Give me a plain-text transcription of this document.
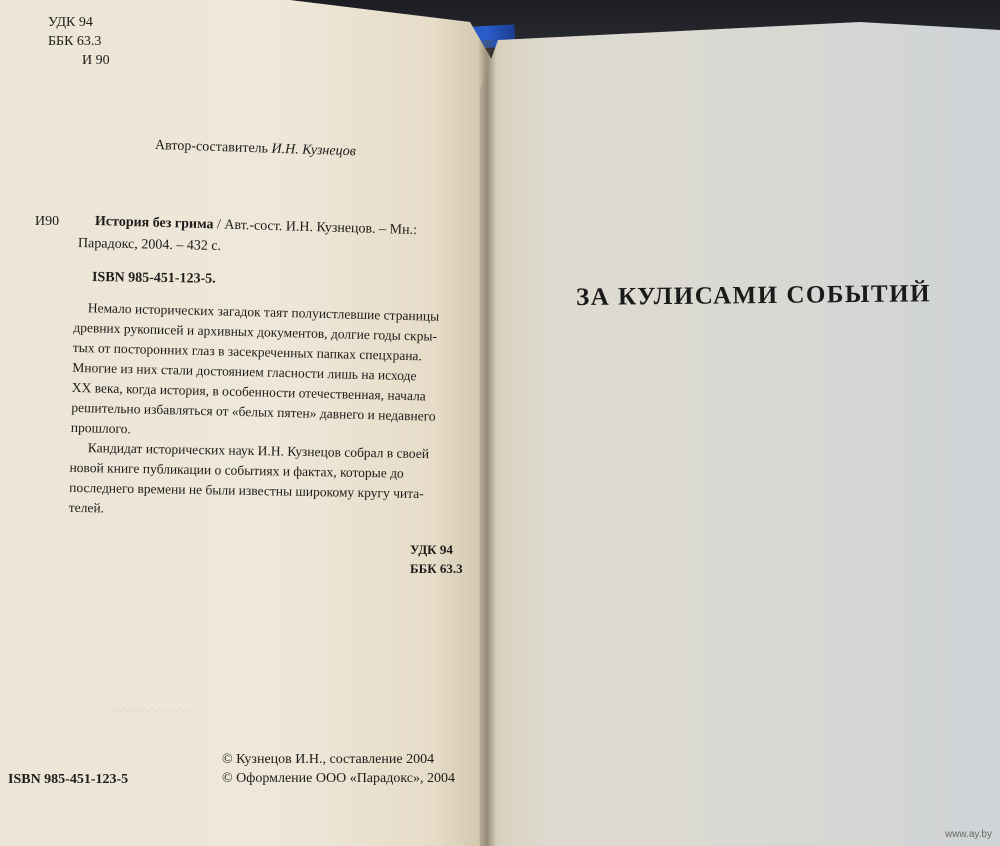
УДК 94
ББК 63.3
И 90
Автор-составитель И.Н. Кузнецов
И90	История без грима / Авт.-сост. И.Н. Кузнецов. – Мн.:
Парадокс, 2004. – 432 с.
ISBN 985-451-123-5.
Немало исторических загадок таят полуистлевшие страницы
древних рукописей и архивных документов, долгие годы скры-
тых от посторонних глаз в засекреченных папках спецхрана.
Многие из них стали достоянием гласности лишь на исходе
XX века, когда история, в особенности отечественная, начала
решительно избавляться от «белых пятен» давнего и недавнего
прошлого.
Кандидат исторических наук И.Н. Кузнецов собрал в своей
новой книге публикации о событиях и фактах, которые до
последнего времени не были известны широкому кругу чита-
телей.
УДК 94
ББК 63.3
〰〰〰〰〰〰
ISBN 985-451-123-5
© Кузнецов И.Н., составление 2004
© Оформление ООО «Парадокс», 2004
ЗА КУЛИСАМИ СОБЫТИЙ
www.ay.by
